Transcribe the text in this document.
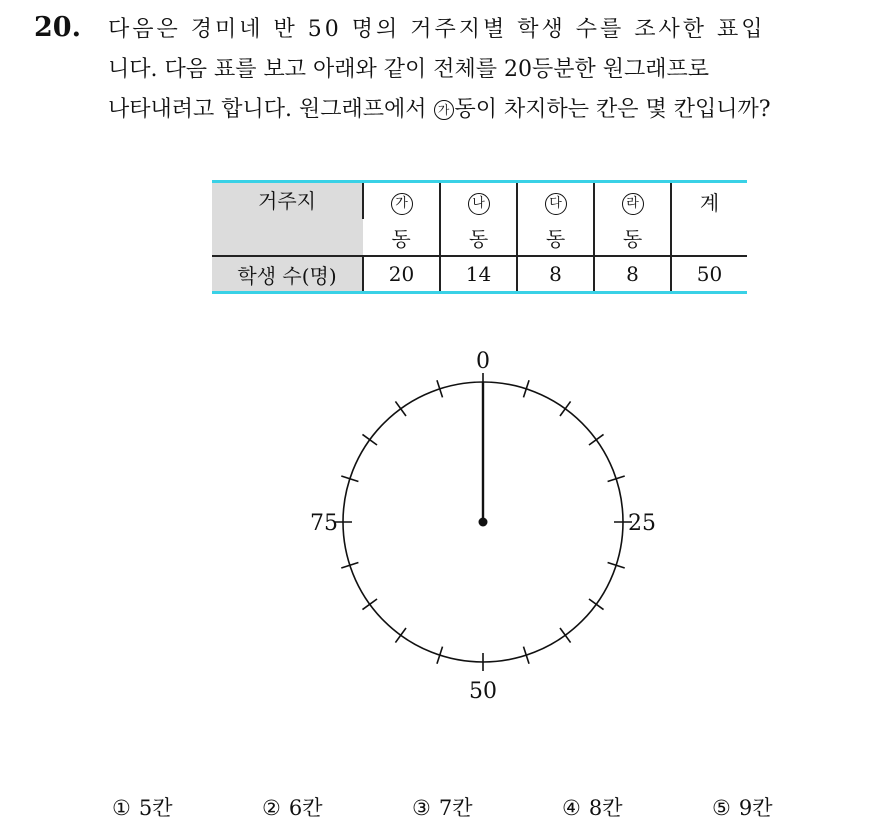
20. 다음은 경미네 반 50 명의 거주지별 학생 수를 조사한 표입
니다. 다음 표를 보고 아래와 같이 전체를 20등분한 원그래프로
나타내려고 합니다. 원그래프에서 가 동이 차지하는 칸은 몇 칸입니까?
거주지	가	나	다	라	계
	동	동	동	동	
학생 수(명)	20	14	8	8	50
0
25
50
75
① 5칸	② 6칸	③ 7칸	④ 8칸	⑤ 9칸
